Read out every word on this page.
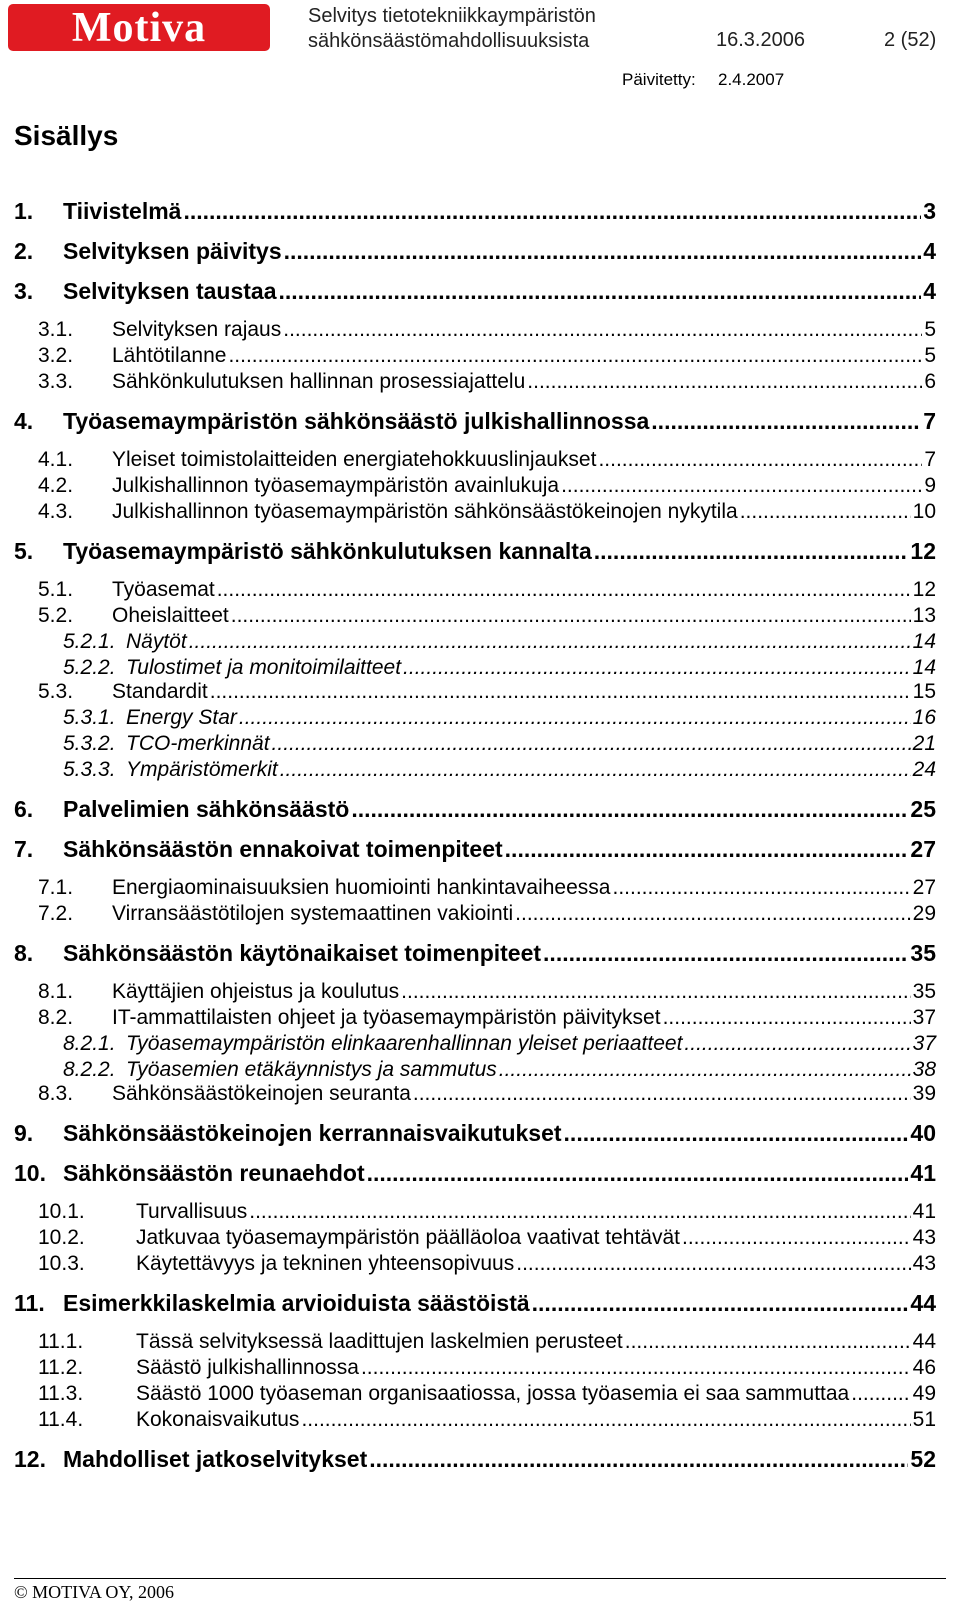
Motiva	Selvitys tietotekniikkaympäristön
sähkönsäästömahdollisuuksista	16.3.2006	2 (52)
Päivitetty: 2.4.2007
Sisällys
1. Tiivistelmä .....	3
2. Selvityksen päivitys .....	4
3. Selvityksen taustaa .....	4
3.1. Selvityksen rajaus .....	5
3.2. Lähtötilanne .....	5
3.3. Sähkönkulutuksen hallinnan prosessiajattelu .....	6
4. Työasemaympäristön sähkönsäästö julkishallinnossa .....	7
4.1. Yleiset toimistolaitteiden energiatehokkuuslinjaukset .....	7
4.2. Julkishallinnon työasemaympäristön avainlukuja .....	9
4.3. Julkishallinnon työasemaympäristön sähkönsäästökeinojen nykytila .....	10
5. Työasemaympäristö sähkönkulutuksen kannalta .....	12
5.1. Työasemat .....	12
5.2. Oheislaitteet .....	13
5.2.1. Näytöt .....	14
5.2.2. Tulostimet ja monitoimilaitteet .....	14
5.3. Standardit .....	15
5.3.1. Energy Star .....	16
5.3.2. TCO-merkinnät .....	21
5.3.3. Ympäristömerkit .....	24
6. Palvelimien sähkönsäästö .....	25
7. Sähkönsäästön ennakoivat toimenpiteet .....	27
7.1. Energiaominaisuuksien huomiointi hankintavaiheessa .....	27
7.2. Virransäästötilojen systemaattinen vakiointi .....	29
8. Sähkönsäästön käytönaikaiset toimenpiteet .....	35
8.1. Käyttäjien ohjeistus ja koulutus .....	35
8.2. IT-ammattilaisten ohjeet ja työasemaympäristön päivitykset .....	37
8.2.1. Työasemaympäristön elinkaarenhallinnan yleiset periaatteet .....	37
8.2.2. Työasemien etäkäynnistys ja sammutus .....	38
8.3. Sähkönsäästökeinojen seuranta .....	39
9. Sähkönsäästökeinojen kerrannaisvaikutukset .....	40
10. Sähkönsäästön reunaehdot .....	41
10.1. Turvallisuus .....	41
10.2. Jatkuvaa työasemaympäristön päälläoloa vaativat tehtävät .....	43
10.3. Käytettävyys ja tekninen yhteensopivuus .....	43
11. Esimerkkilaskelmia arvioiduista säästöistä .....	44
11.1.	Tässä selvityksessä laadittujen laskelmien perusteet .....	44
11.2.	Säästö julkishallinnossa .....	46
11.3.	Säästö 1000 työaseman organisaatiossa, jossa työasemia ei saa sammuttaa .....	49
11.4.	Kokonaisvaikutus .....	51
12. Mahdolliset jatkoselvitykset .....	52
© MOTIVA OY, 2006
